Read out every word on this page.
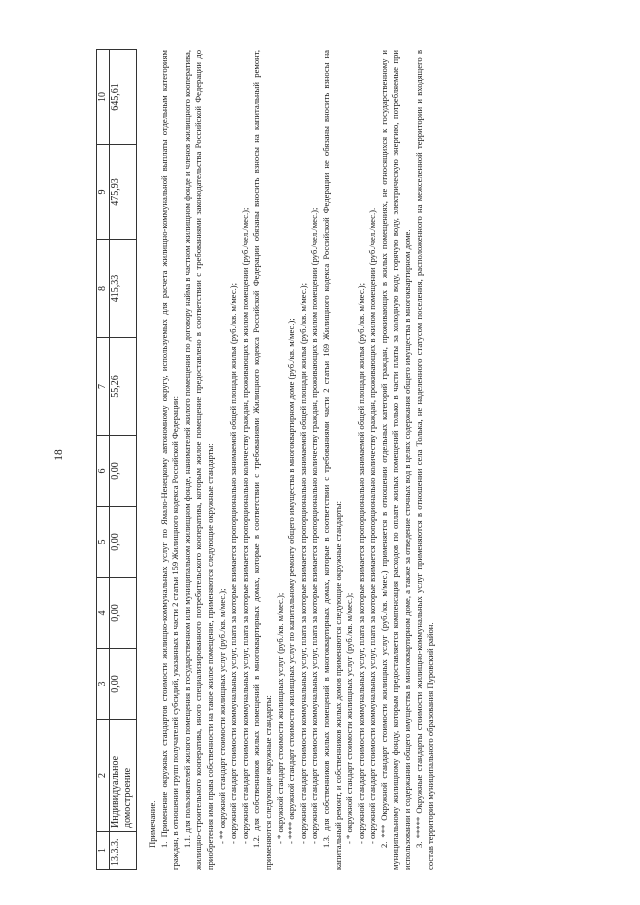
18
1	2	3	4	5	6	7	8	9	10
13.3.3.	Индивидуальное домостроение	0,00	0,00	0,00	0,00	55,26	415,33	475,93	645,61

Примечание. 1. Применение окружных стандартов стоимости жилищно-коммунальных услуг по Ямало-Ненецкому автономному округу, используемых для расчета жилищно-коммунальной выплаты отдельным категориям граждан, в отношении групп получателей субсидий, указанных в части 2 статьи 159 Жилищного кодекса Российской Федерации: 1.1. для пользователей жилого помещения в государственном или муниципальном жилищном фонде, нанимателей жилого помещения по договору найма в частном жилищном фонде и членов жилищного кооператива, жилищно-строительного кооператива, иного специализированного потребительского кооператива, которым жилое помещение предоставлено в соответствии с требованиями законодательства Российской Федерации до приобретения ими права собственности на такое жилое помещение, применяются следующие окружные стандарты: - ** окружной стандарт стоимости жилищных услуг (руб./кв. м/мес.); - окружной стандарт стоимости коммунальных услуг, плата за которые взимается пропорционально занимаемой общей площади жилья (руб./кв. м/мес.); - окружной стандарт стоимости коммунальных услуг, плата за которые взимается пропорционально количеству граждан, проживающих в жилом помещении (руб./чел./мес.); 1.2. для собственников жилых помещений в многоквартирных домах, которые в соответствии с требованиями Жилищного кодекса Российской Федерации обязаны вносить взносы на капитальный ремонт, применяются следующие окружные стандарты: - * окружной стандарт стоимости жилищных услуг (руб./кв. м/мес.); - **** окружной стандарт стоимости жилищных услуг по капитальному ремонту общего имущества в многоквартирном доме (руб./кв. м/мес.); - окружной стандарт стоимости коммунальных услуг, плата за которые взимается пропорционально занимаемой общей площади жилья (руб./кв. м/мес.); - окружной стандарт стоимости коммунальных услуг, плата за которые взимается пропорционально количеству граждан, проживающих в жилом помещении (руб./чел./мес.); 1.3. для собственников жилых помещений в многоквартирных домах, которые в соответствии с требованиями части 2 статьи 169 Жилищного кодекса Российской Федерации не обязаны вносить взносы на капитальный ремонт, и собственников жилых домов применяются следующие окружные стандарты: - * окружной стандарт стоимости жилищных услуг (руб./кв. м/мес.); - окружной стандарт стоимости коммунальных услуг, плата за которые взимается пропорционально занимаемой общей площади жилья (руб./кв. м/мес.); - окружной стандарт стоимости коммунальных услуг, плата за которые взимается пропорционально количеству граждан, проживающих в жилом помещении (руб./чел./мес.). 2. *** Окружной стандарт стоимости жилищных услуг (руб./кв. м/мес.) применяется в отношении отдельных категорий граждан, проживающих в жилых помещениях, не относящихся к государственному и муниципальному жилищному фонду, которым предоставляется компенсация расходов по оплате жилых помещений только в части платы за холодную воду, горячую воду, электрическую энергию, потребляемые при использовании и содержании общего имущества в многоквартирном доме, а также за отведение сточных вод в целях содержания общего имущества в многоквартирном доме. 3. ***** Окружные стандарты стоимости жилищно-коммунальных услуг применяются в отношении села Толька, не наделенного статусом поселения, расположенного на межселенной территории и входящего в состав территории муниципального образования Пуровский район.
